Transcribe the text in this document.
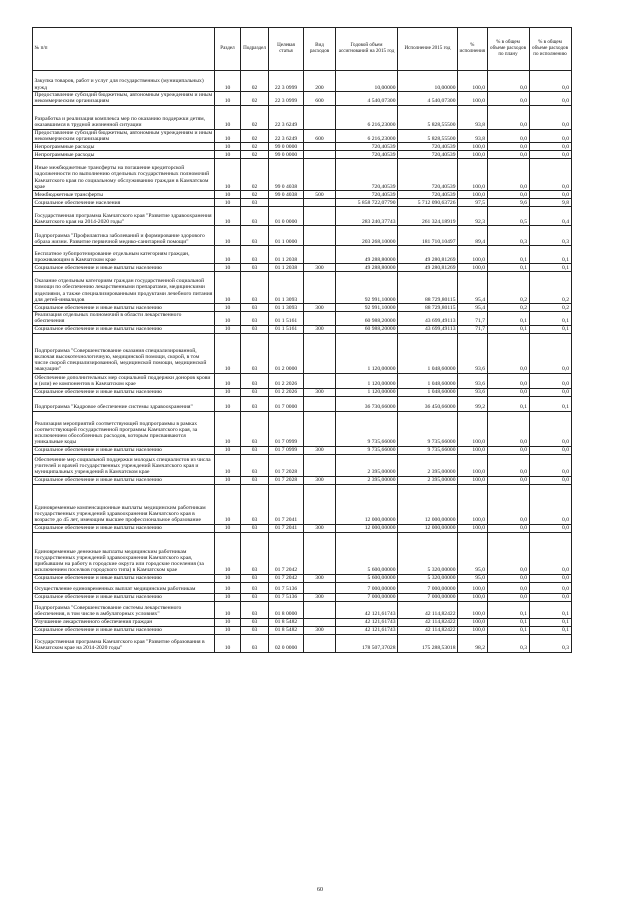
№ п/п	Раздел	Подраздел	Целевая статья	Вид расходов	Годовой объем ассигнований на 2015 год	Исполнение 2015 год	% исполнения	% в общем объеме расходов по плану	% в общем объеме расходов по исполнению
Закупка товаров, работ и услуг для государственных (муниципальных) нужд	10	02	22 3 0999	200	10,00000	10,00000	100,0	0,0	0,0
Предоставление субсидий бюджетным, автономным учреждениям и иным некоммерческим организациям	10	02	22 3 0999	600	4 540,07300	4 540,07300	100,0	0,0	0,0
Разработка и реализация комплекса мер по оказанию поддержки детям, оказавшимся в трудной жизненной ситуации	10	02	22 3 6249		6 216,23000	5 828,55500	93,8	0,0	0,0
Предоставление субсидий бюджетным, автономным учреждениям и иным некоммерческим организациям	10	02	22 3 6249	600	6 216,23000	5 828,55500	93,8	0,0	0,0
Непрограммные расходы	10	02	99 0 0000		720,40539	720,40539	100,0	0,0	0,0
Непрограммные расходы	10	02	99 0 0000		720,40539	720,40539	100,0	0,0	0,0
Иные межбюджетные трансферты на погашение кредиторской задолженности по выполнению отдельных государственных полномочий Камчатского края по социальному обслуживанию граждан в Камчатском крае	10	02	99 0 4038		720,40539	720,40539	100,0	0,0	0,0
Межбюджетные трансферты	10	02	99 0 4038	500	720,40539	720,40539	100,0	0,0	0,0
Социальное обеспечение населения	10	03			5 858 722,07790	5 712 090,63726	97,5	9,6	9,8
Государственная программа Камчатского края "Развитие здравоохранения Камчатского края на 2014-2020 годы"	10	03	01 0 0000		283 240,37743	261 324,18919	92,3	0,5	0,4
Подпрограмма "Профилактика заболеваний и формирование здорового образа жизни. Развитие первичной медико-санитарной помощи"	10	03	01 1 0000		203 268,10000	181 710,10497	89,4	0,3	0,3
Бесплатное зубопротезирование отдельным категориям граждан, проживающим в Камчатском крае	10	03	01 1 2038		49 288,80000	49 280,81269	100,0	0,1	0,1
Социальное обеспечение и иные выплаты населению	10	03	01 1 2038	300	49 288,80000	49 280,81269	100,0	0,1	0,1
Оказание отдельным категориям граждан государственной социальной помощи по обеспечению лекарственными препаратами, медицинскими изделиями, а также специализированными продуктами лечебного питания для детей-инвалидов	10	03	01 1 3093		92 991,10000	88 729,80115	95,4	0,2	0,2
Социальное обеспечение и иные выплаты населению	10	03	01 1 3093	300	92 991,10000	88 729,80115	95,4	0,2	0,2
Реализация отдельных полномочий в области лекарственного обеспечения	10	03	01 1 5161		60 988,20000	43 699,49113	71,7	0,1	0,1
Социальное обеспечение и иные выплаты населению	10	03	01 1 5161	300	60 988,20000	43 699,49113	71,7	0,1	0,1
Подпрограмма "Совершенствование оказания специализированной, включая высокотехнологичную, медицинской помощи, скорой, в том числе скорой специализированной, медицинской помощи, медицинской эвакуации"	10	03	01 2 0000		1 120,00000	1 048,60000	93,6	0,0	0,0
Обеспечение дополнительных мер социальной поддержки доноров крови и (или) ее компонентов в Камчатском крае	10	03	01 2 2026		1 120,00000	1 048,60000	93,6	0,0	0,0
Социальное обеспечение и иные выплаты населению	10	03	01 2 2026	300	1 120,00000	1 048,60000	93,6	0,0	0,0
Подпрограмма "Кадровое обеспечение системы здравоохранения"	10	03	01 7 0000		36 730,66000	36 450,66000	99,2	0,1	0,1
Реализация мероприятий соответствующей подпрограммы в рамках соответствующей государственной программы Камчатского края, за исключением обособленных расходов, которым присваиваются уникальные коды	10	03	01 7 0999		9 735,66000	9 735,66000	100,0	0,0	0,0
Социальное обеспечение и иные выплаты населению	10	03	01 7 0999	300	9 735,66000	9 735,66000	100,0	0,0	0,0
Обеспечение мер социальной поддержки молодых специалистов из числа учителей и врачей государственных учреждений Камчатского края и муниципальных учреждений в Камчатском крае	10	03	01 7 2028		2 395,00000	2 395,00000	100,0	0,0	0,0
Социальное обеспечение и иные выплаты населению	10	03	01 7 2028	300	2 395,00000	2 395,00000	100,0	0,0	0,0
Единовременные компенсационные выплаты медицинским работникам государственных учреждений здравоохранения Камчатского края в возрасте до 45 лет, имеющим высшее профессиональное образование	10	03	01 7 2041		12 000,00000	12 000,00000	100,0	0,0	0,0
Социальное обеспечение и иные выплаты населению	10	03	01 7 2041	300	12 000,00000	12 000,00000	100,0	0,0	0,0
Единовременные денежные выплаты медицинским работникам государственных учреждений здравоохранения Камчатского края, прибывшим на работу в городские округа или городские поселения (за исключением поселков городского типа) в Камчатском крае	10	03	01 7 2042		5 600,00000	5 320,00000	95,0	0,0	0,0
Социальное обеспечение и иные выплаты населению	10	03	01 7 2042	300	5 600,00000	5 320,00000	95,0	0,0	0,0
Осуществление единовременных выплат медицинским работникам	10	03	01 7 5136		7 000,00000	7 000,00000	100,0	0,0	0,0
Социальное обеспечение и иные выплаты населению	10	03	01 7 5136	300	7 000,00000	7 000,00000	100,0	0,0	0,0
Подпрограмма "Совершенствование системы лекарственного обеспечения, в том числе в амбулаторных условиях"	10	03	01 8 0000		42 121,61743	42 114,82422	100,0	0,1	0,1
Улучшение лекарственного обеспечения граждан	10	03	01 8 5482		42 121,61743	42 114,82422	100,0	0,1	0,1
Социальное обеспечение и иные выплаты населению	10	03	01 8 5482	300	42 121,61743	42 114,82422	100,0	0,1	0,1
Государственная программа Камчатского края "Развитие образования в Камчатском крае на 2014-2020 годы"	10	03	02 0 0000		178 507,37028	175 288,53018	98,2	0,3	0,3
60
